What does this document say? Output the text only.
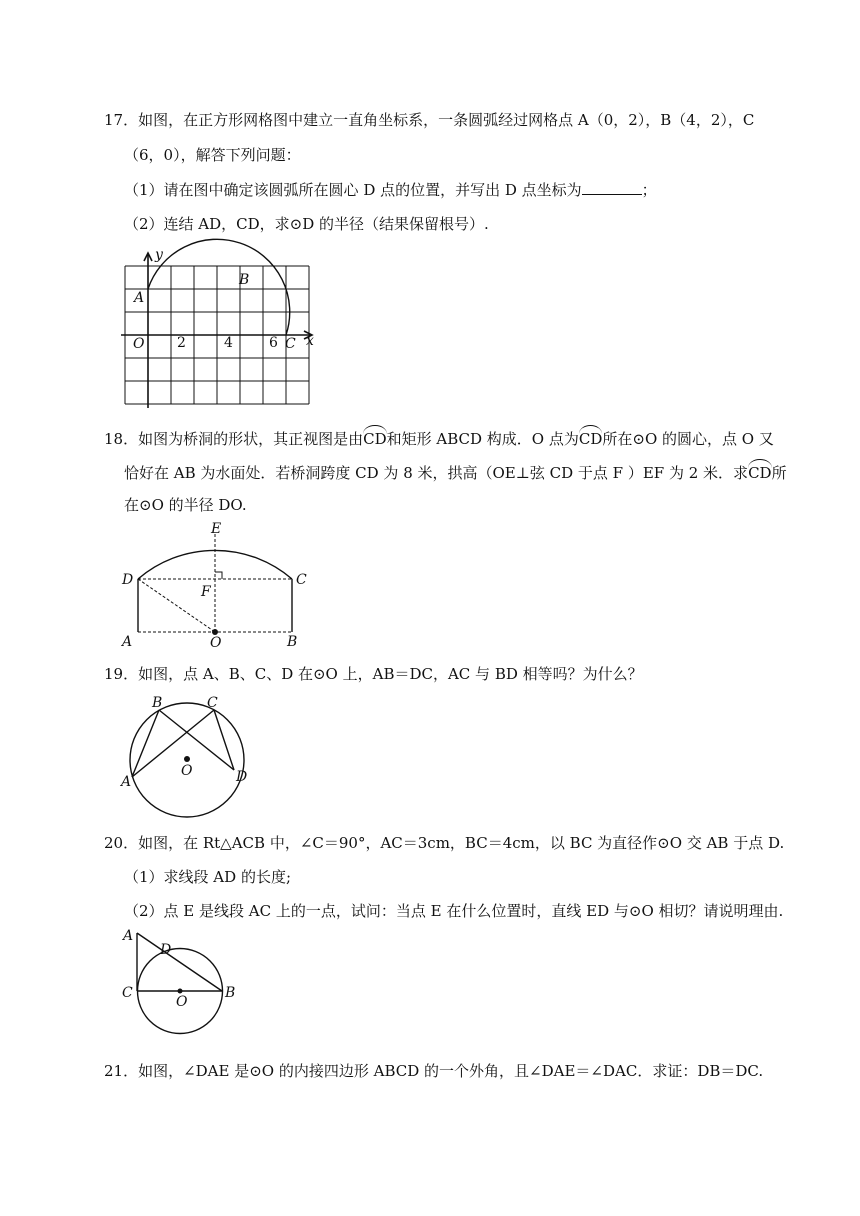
17．如图，在正方形网格图中建立一直角坐标系，一条圆弧经过网格点 A（0，2），B（4，2），C
（6，0），解答下列问题：
（1）请在图中确定该圆弧所在圆心 D 点的位置，并写出 D 点坐标为	；
（2）连结 AD，CD，求⊙D 的半径（结果保留根号）.
y
x
A
B
O	C
2	4	6
18．如图为桥洞的形状，其正视图是由CD和矩形 ABCD 构成．O 点为CD所在⊙O 的圆心，点 O 又
恰好在 AB 为水面处．若桥洞跨度 CD 为 8 米，拱高（OE⊥弦 CD 于点 F ）EF 为 2 米．求CD所
在⊙O 的半径 DO.
E
D	C
F
A	O	B
19．如图，点 A、B、C、D 在⊙O 上，AB＝DC，AC 与 BD 相等吗？为什么？
B	C
A	D
O
20．如图，在 Rt△ACB 中，∠C＝90°，AC＝3cm，BC＝4cm，以 BC 为直径作⊙O 交 AB 于点 D.
（1）求线段 AD 的长度;
（2）点 E 是线段 AC 上的一点，试问：当点 E 在什么位置时，直线 ED 与⊙O 相切？请说明理由.
A
D
C
O
B
21．如图，∠DAE 是⊙O 的内接四边形 ABCD 的一个外角，且∠DAE＝∠DAC．求证：DB＝DC.
